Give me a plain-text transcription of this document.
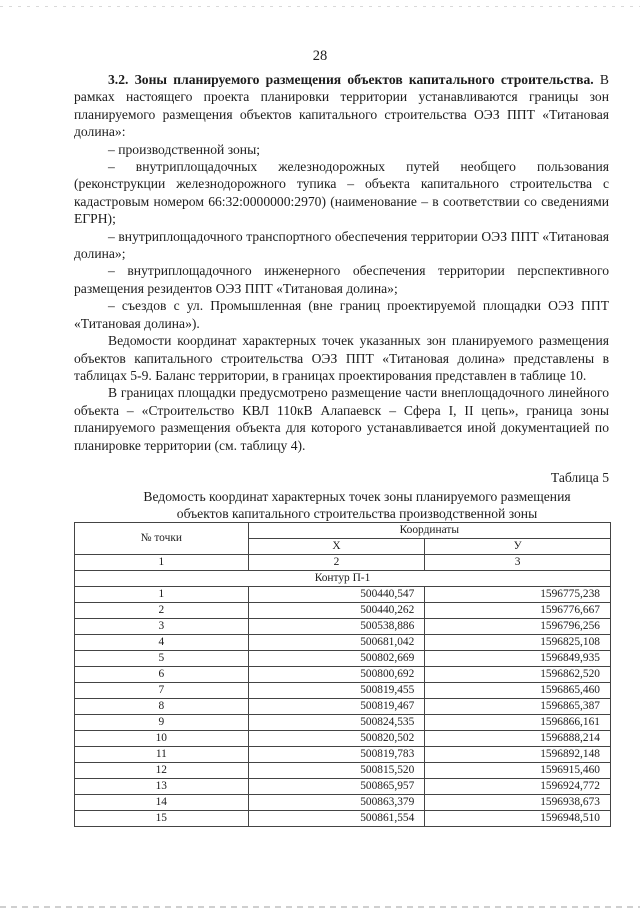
28

3.2. Зоны планируемого размещения объектов капитального строительства. В рамках настоящего проекта планировки территории устанавливаются границы зон планируемого размещения объектов капитального строительства ОЭЗ ППТ «Титановая долина»:

– производственной зоны;

– внутриплощадочных железнодорожных путей необщего пользования (реконструкции железнодорожного тупика – объекта капитального строительства с кадастровым номером 66:32:0000000:2970) (наименование – в соответствии со сведениями ЕГРН);

– внутриплощадочного транспортного обеспечения территории ОЭЗ ППТ «Титановая долина»;

– внутриплощадочного инженерного обеспечения территории перспективного размещения резидентов ОЭЗ ППТ «Титановая долина»;

– съездов с ул. Промышленная (вне границ проектируемой площадки ОЭЗ ППТ «Титановая долина»).

Ведомости координат характерных точек указанных зон планируемого размещения объектов капитального строительства ОЭЗ ППТ «Титановая долина» представлены в таблицах 5-9. Баланс территории, в границах проектирования представлен в таблице 10.

В границах площадки предусмотрено размещение части внеплощадочного линейного объекта – «Строительство КВЛ 110кВ Алапаевск – Сфера I, II цепь», граница зоны планируемого размещения объекта для которого устанавливается иной документацией по планировке территории (см. таблицу 4).

Таблица 5
Ведомость координат характерных точек зоны планируемого размещения
объектов капитального строительства производственной зоны
№ точки	Координаты	
	X	У
1	2	3
Контур П-1		
1	500440,547	1596775,238
2	500440,262	1596776,667
3	500538,886	1596796,256
4	500681,042	1596825,108
5	500802,669	1596849,935
6	500800,692	1596862,520
7	500819,455	1596865,460
8	500819,467	1596865,387
9	500824,535	1596866,161
10	500820,502	1596888,214
11	500819,783	1596892,148
12	500815,520	1596915,460
13	500865,957	1596924,772
14	500863,379	1596938,673
15	500861,554	1596948,510
